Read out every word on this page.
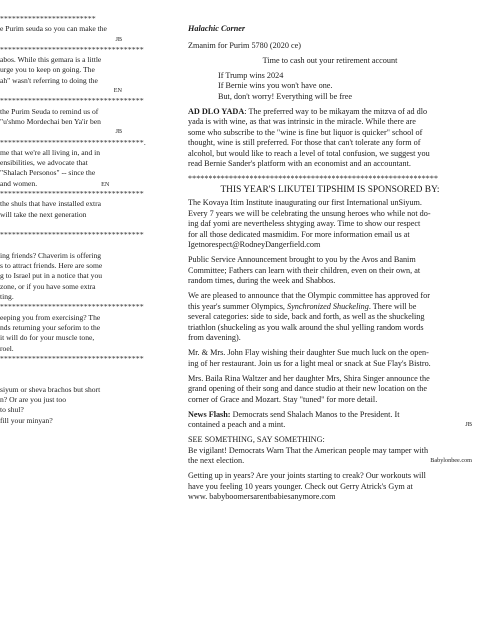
************************
e Purim seuda so you can make the
JB
************************************
abos. While this gemara is a little
urge you to keep on going. The
ah" wasn't referring to doing the
EN
************************************
the Purim Seuda to remind us of
"u'shmo Mordechai ben Ya'ir ben
JB
************************************.
me that we're all living in, and in
ensibilities, we advocate that
"Shalach Personos" -- since the
and women.	EN
************************************
the shuls that have installed extra
will take the next generation
************************************
ing friends? Chaverim is offering
s to attract friends. Here are some
g to Israel put in a notice that you
zone, or if you have some extra
ting.
************************************
eeping you from exercising? The
nds returning your seforim to the
it will do for your muscle tone,
roel.
************************************
siyum or sheva brachos but short
n? Or are you just too
to shul?
fill your minyan?
Halachic Corner
Zmanim for Purim 5780 (2020 ce)
Time to cash out your retirement account
If Trump wins 2024
If Bernie wins you won't have one.
But, don't worry! Everything will be free
AD DLO YADA: The preferred way to be mikayam the mitzva of ad dlo
yada is with wine, as that was intrinsic in the miracle. While there are
some who subscribe to the "wine is fine but liquor is quicker" school of
thought, wine is still preferred. For those that can't tolerate any form of
alcohol, but would like to reach a level of total confusion, we suggest you
read Bernie Sander's platform with an economist and an accountant.
*************************************************************
THIS YEAR'S LIKUTEI TIPSHIM IS SPONSORED BY:
The Kovaya Itim Institute inaugurating our first International unSiyum.
Every 7 years we will be celebrating the unsung heroes who while not do-
ing daf yomi are nevertheless shtyging away. Time to show our respect
for all those dedicated masmidim. For more information email us at
Igetnorespect@RodneyDangerfield.com
Public Service Announcement brought to you by the Avos and Banim
Committee; Fathers can learn with their children, even on their own, at
random times, during the week and Shabbos.
We are pleased to announce that the Olympic committee has approved for
this year's summer Olympics, Synchronized Shuckeling. There will be
several categories: side to side, back and forth, as well as the shuckeling
triathlon (shuckeling as you walk around the shul yelling random words
from davening).
Mr. & Mrs. John Flay wishing their daughter Sue much luck on the open-
ing of her restaurant. Join us for a light meal or snack at Sue Flay's Bistro.
Mrs. Baila Rina Waltzer and her daughter Mrs, Shira Singer announce the
grand opening of their song and dance studio at their new location on the
corner of Grace and Mozart. Stay "tuned" for more detail.
News Flash: Democrats send Shalach Manos to the President. It
contained a peach and a mint.	JB
SEE SOMETHING, SAY SOMETHING:
Be vigilant! Democrats Warn That the American people may tamper with
the next election.	Babylonbee.com
Getting up in years? Are your joints starting to creak? Our workouts will
have you feeling 10 years younger. Check out Gerry Atrick's Gym at
www. babyboomersarentbabiesanymore.com
